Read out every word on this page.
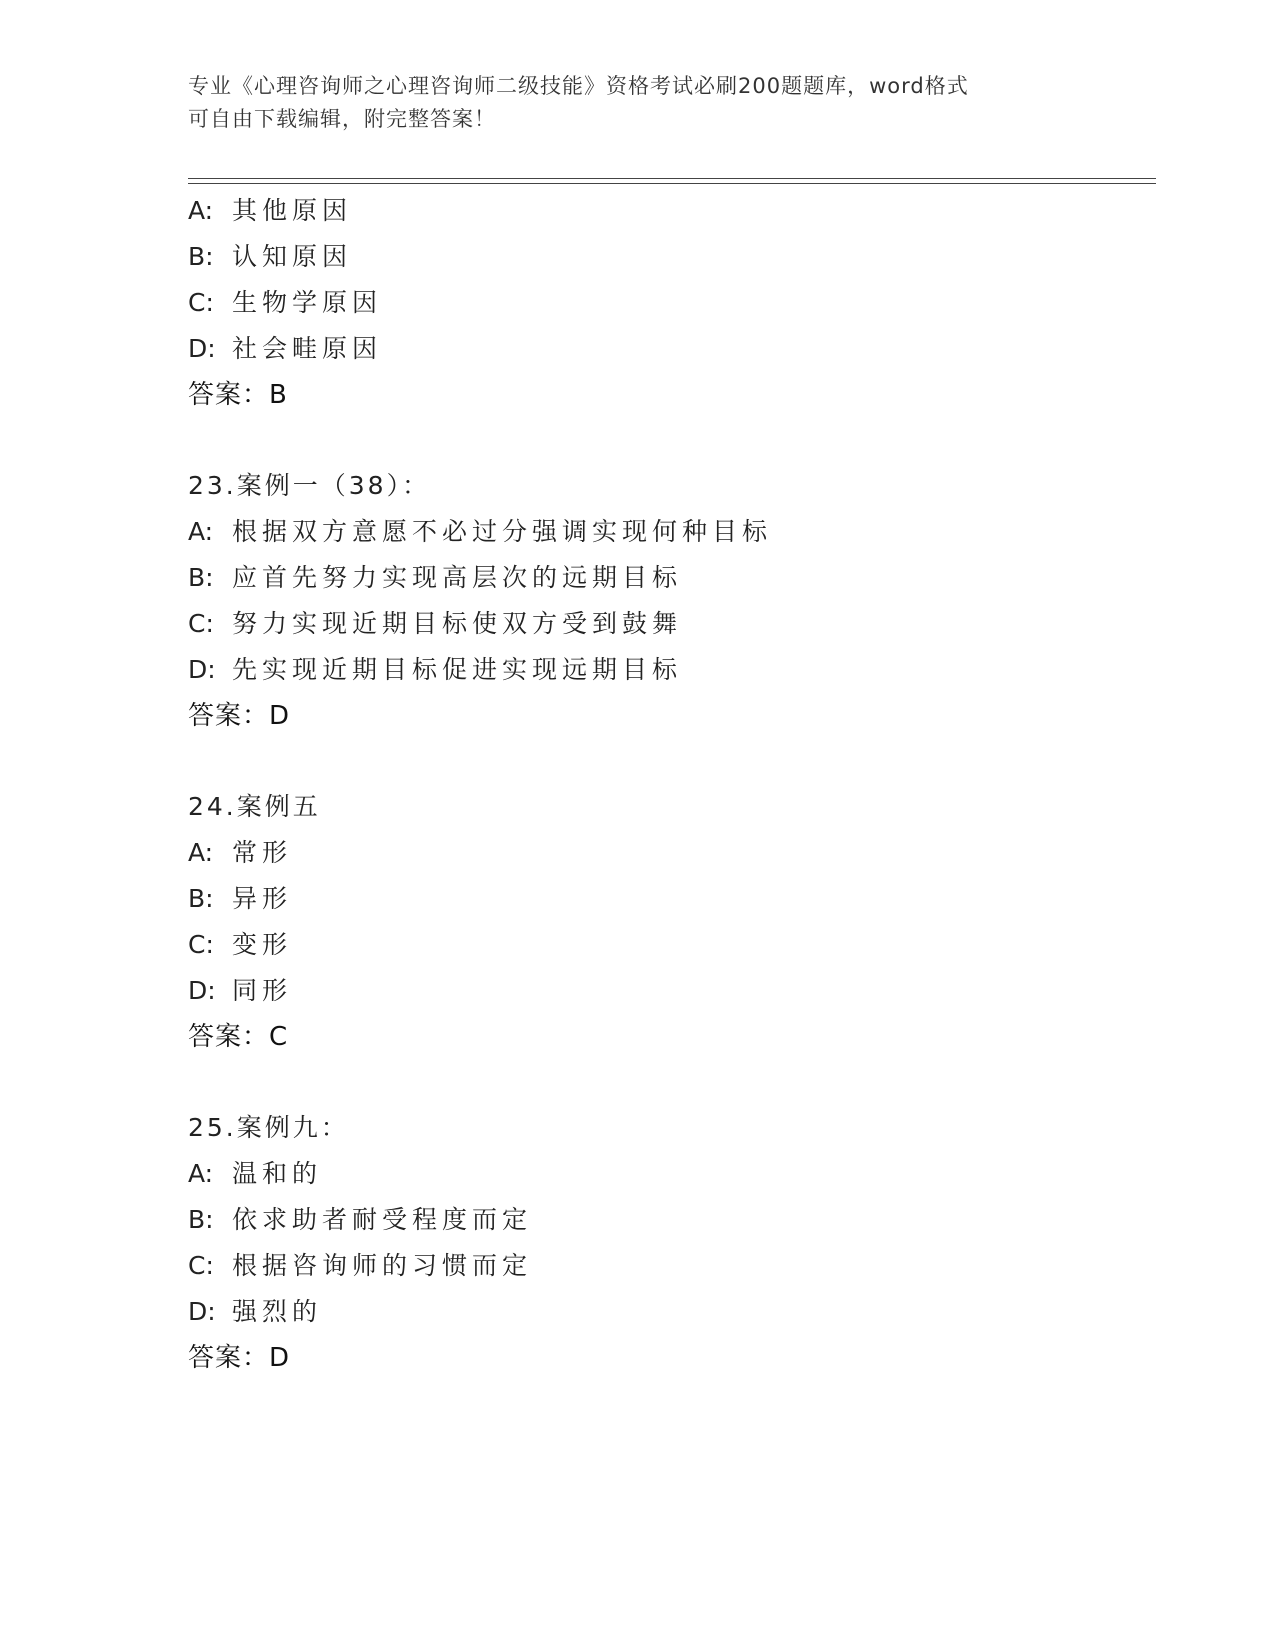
专业《心理咨询师之心理咨询师二级技能》资格考试必刷200题题库，word格式
可自由下载编辑，附完整答案！
A: 其他原因
B: 认知原因
C: 生物学原因
D: 社会畦原因
答案：B
23.案例一（38）：
A: 根据双方意愿不必过分强调实现何种目标
B: 应首先努力实现高层次的远期目标
C: 努力实现近期目标使双方受到鼓舞
D: 先实现近期目标促进实现远期目标
答案：D
24.案例五
A: 常形
B: 异形
C: 变形
D: 同形
答案：C
25.案例九：
A: 温和的
B: 依求助者耐受程度而定
C: 根据咨询师的习惯而定
D: 强烈的
答案：D
